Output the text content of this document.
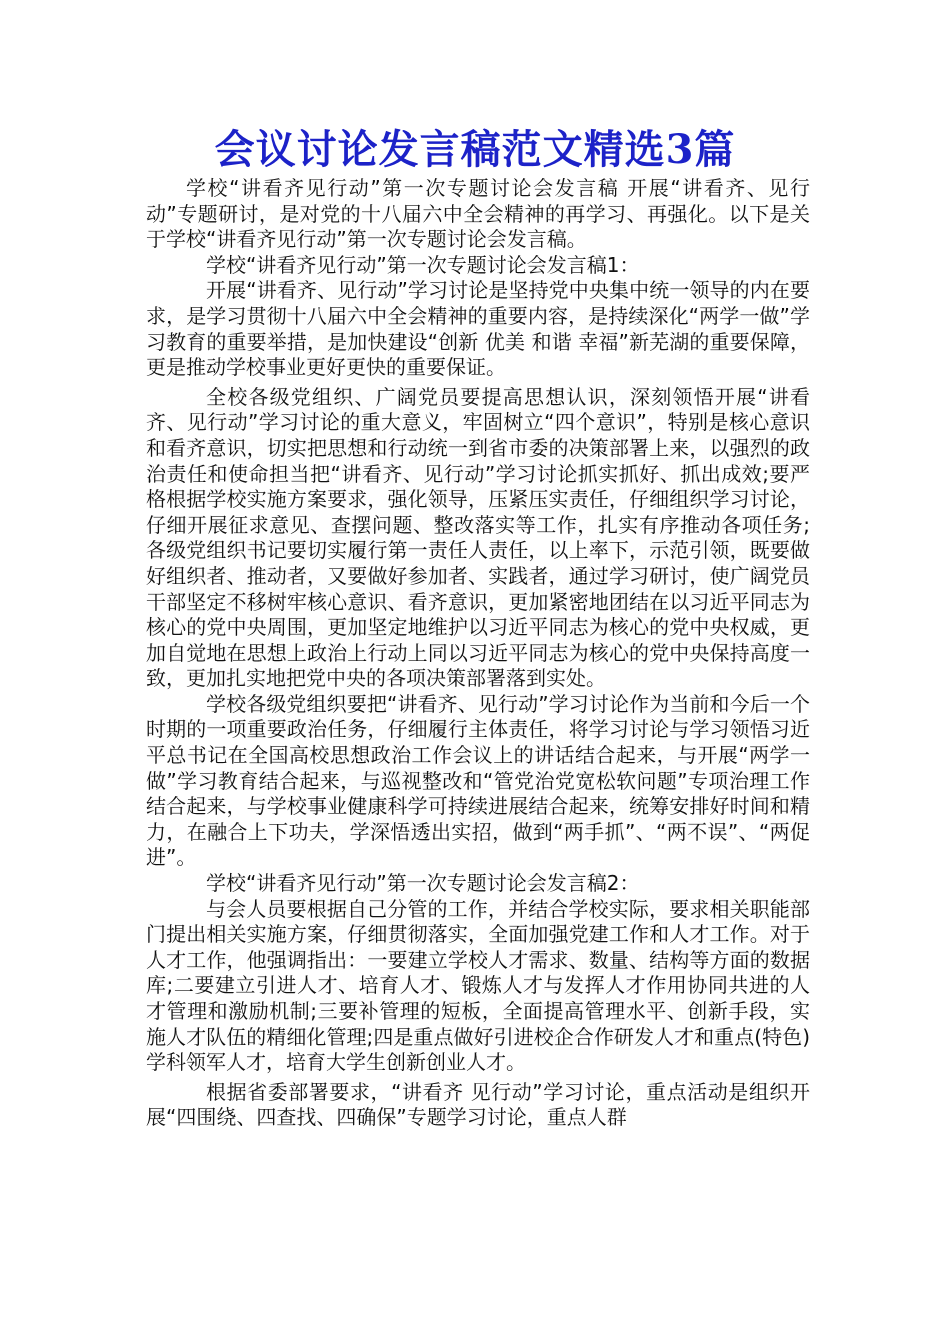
会议讨论发言稿范文精选3篇

学校“讲看齐见行动”第一次专题讨论会发言稿 开展“讲看齐、见行动”专题研讨，是对党的十八届六中全会精神的再学习、再强化。以下是关于学校“讲看齐见行动”第一次专题讨论会发言稿。

学校“讲看齐见行动”第一次专题讨论会发言稿1：

开展“讲看齐、见行动”学习讨论是坚持党中央集中统一领导的内在要求，是学习贯彻十八届六中全会精神的重要内容，是持续深化“两学一做”学习教育的重要举措，是加快建设“创新 优美 和谐 幸福”新芜湖的重要保障，更是推动学校事业更好更快的重要保证。

全校各级党组织、广阔党员要提高思想认识，深刻领悟开展“讲看齐、见行动”学习讨论的重大意义，牢固树立“四个意识”，特别是核心意识和看齐意识，切实把思想和行动统一到省市委的决策部署上来，以强烈的政治责任和使命担当把“讲看齐、见行动”学习讨论抓实抓好、抓出成效;要严格根据学校实施方案要求，强化领导，压紧压实责任，仔细组织学习讨论，仔细开展征求意见、查摆问题、整改落实等工作，扎实有序推动各项任务;各级党组织书记要切实履行第一责任人责任，以上率下，示范引领，既要做好组织者、推动者，又要做好参加者、实践者，通过学习研讨，使广阔党员干部坚定不移树牢核心意识、看齐意识，更加紧密地团结在以习近平同志为核心的党中央周围，更加坚定地维护以习近平同志为核心的党中央权威，更加自觉地在思想上政治上行动上同以习近平同志为核心的党中央保持高度一致，更加扎实地把党中央的各项决策部署落到实处。

学校各级党组织要把“讲看齐、见行动”学习讨论作为当前和今后一个时期的一项重要政治任务，仔细履行主体责任，将学习讨论与学习领悟习近平总书记在全国高校思想政治工作会议上的讲话结合起来，与开展“两学一做”学习教育结合起来，与巡视整改和“管党治党宽松软问题”专项治理工作结合起来，与学校事业健康科学可持续进展结合起来，统筹安排好时间和精力，在融合上下功夫，学深悟透出实招，做到“两手抓”、“两不误”、“两促进”。

学校“讲看齐见行动”第一次专题讨论会发言稿2：

与会人员要根据自己分管的工作，并结合学校实际，要求相关职能部门提出相关实施方案，仔细贯彻落实，全面加强党建工作和人才工作。对于人才工作，他强调指出：一要建立学校人才需求、数量、结构等方面的数据库;二要建立引进人才、培育人才、锻炼人才与发挥人才作用协同共进的人才管理和激励机制;三要补管理的短板，全面提高管理水平、创新手段，实施人才队伍的精细化管理;四是重点做好引进校企合作研发人才和重点(特色)学科领军人才，培育大学生创新创业人才。

根据省委部署要求，“讲看齐 见行动”学习讨论，重点活动是组织开展“四围绕、四查找、四确保”专题学习讨论，重点人群
